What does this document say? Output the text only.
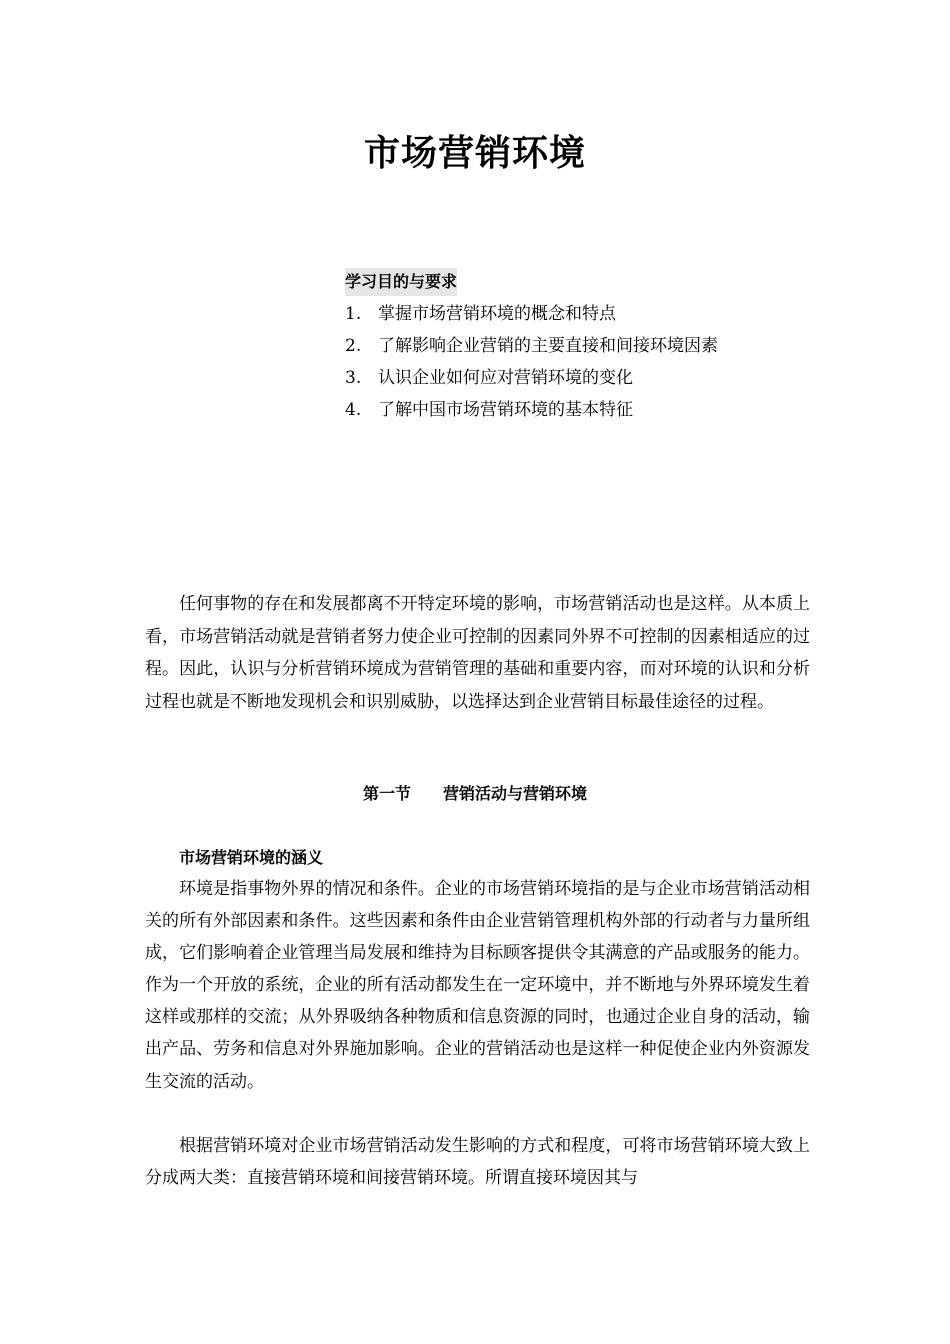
市场营销环境
学习目的与要求
1. 掌握市场营销环境的概念和特点
2. 了解影响企业营销的主要直接和间接环境因素
3. 认识企业如何应对营销环境的变化
4. 了解中国市场营销环境的基本特征

任何事物的存在和发展都离不开特定环境的影响，市场营销活动也是这样。从本质上看，市场营销活动就是营销者努力使企业可控制的因素同外界不可控制的因素相适应的过程。因此，认识与分析营销环境成为营销管理的基础和重要内容，而对环境的认识和分析过程也就是不断地发现机会和识别威胁，以选择达到企业营销目标最佳途径的过程。

第一节　　营销活动与营销环境
市场营销环境的涵义

环境是指事物外界的情况和条件。企业的市场营销环境指的是与企业市场营销活动相关的所有外部因素和条件。这些因素和条件由企业营销管理机构外部的行动者与力量所组成，它们影响着企业管理当局发展和维持为目标顾客提供令其满意的产品或服务的能力。作为一个开放的系统，企业的所有活动都发生在一定环境中，并不断地与外界环境发生着这样或那样的交流；从外界吸纳各种物质和信息资源的同时，也通过企业自身的活动，输出产品、劳务和信息对外界施加影响。企业的营销活动也是这样一种促使企业内外资源发生交流的活动。

根据营销环境对企业市场营销活动发生影响的方式和程度，可将市场营销环境大致上分成两大类：直接营销环境和间接营销环境。所谓直接环境因其与
